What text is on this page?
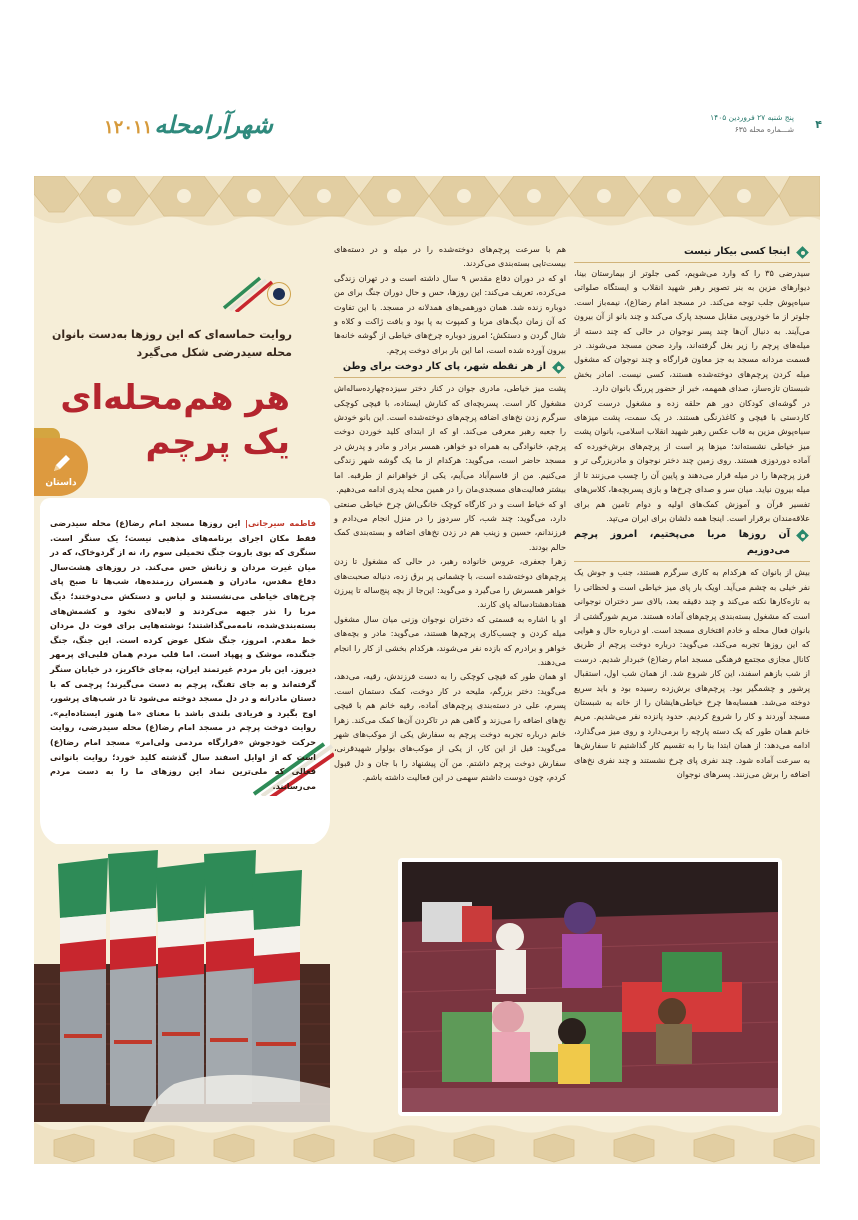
۴
پنج شنبه ۲۷ فروردین ۱۴۰۵
شـــماره محله ۶۳۵
شهرآرامحله۱۲۰۱۱
روایت حماسه‌ای که این روزها به‌دست بانوان محله سیدرضی شکل می‌گیرد
هر هم‌محله‌ای یک پرچم
داستان
فاطمه سیرجانی| این روزها مسجد امام رضا(ع) محله سیدرضی فقط مکان اجرای برنامه‌های مذهبی نیست؛ یک سنگر است. سنگری که بوی باروت جنگ تحمیلی سوم را، نه از گردوخاک، که در میان غیرت مردان و زنانش حس می‌کند. در روزهای هشت‌سال دفاع مقدس، مادران و همسران رزمنده‌ها، شب‌ها تا صبح پای چرخ‌های خیاطی می‌نشستند و لباس و دستکش می‌دوختند؛ دیگ مربا را نذر جبهه می‌کردند و لابه‌لای نخود و کشمش‌های بسته‌بندی‌شده، نامه‌می‌گذاشتند؛ نوشته‌هایی برای قوت دل مردان خط مقدم. امروز، جنگ شکل عوض کرده است. این جنگ، جنگ جنگنده، موشک و پهپاد است. اما قلب مردم همان قلبی‌ای پرمهر دیروز. این بار مردم غیرتمند ایران، به‌جای خاکریز، در خیابان سنگر گرفته‌اند و به جای تفنگ، پرچم به دست می‌گیرند؛ پرچمی که با دستان مادرانه و در دل مسجد دوخته می‌شود تا در شب‌های پرشور، اوج بگیرد و فریادی بلندی باشد با معنای «ما هنوز ایستاده‌ایم». روایت دوخت پرچم در مسجد امام رضا(ع) محله سیدرضی، روایت حرکت خودجوش «قرارگاه مردمی ولی‌امر» مسجد امام رضا(ع) است که از اوایل اسفند سال گذشته کلید خورد؛ روایت بانوانی فعالی که ملی‌ترین نماد این روزهای ما را به دست مردم می‌رسانند.

هم با سرعت پرچم‌های دوخته‌شده را در میله و در دسته‌های بیست‌تایی بسته‌بندی می‌کردند.

او که در دوران دفاع مقدس ۹ سال داشته است و در تهران زندگی می‌کرده، تعریف می‌کند: این روزها، حس و حال دوران جنگ برای من دوباره زنده شد. همان دورهمی‌های همدلانه در مسجد. با این تفاوت که آن زمان دیگ‌های مربا و کمپوت به پا بود و بافت ژاکت و کلاه و شال گردن و دستکش؛ امروز دوباره چرخ‌های خیاطی از گوشه خانه‌ها بیرون آورده شده است، اما این بار برای دوخت پرچم.

از هر نقطه شهر، پای کار دوخت برای وطن

پشت میز خیاطی، مادری جوان در کنار دختر سیزده‌چهارده‌ساله‌اش مشغول کار است. پسربچه‌ای که کنارش ایستاده، با قیچی کوچکی سرگرم زدن نخ‌های اضافه پرچم‌های دوخته‌شده است. این بانو خودش را جعبه رهبر معرفی می‌کند. او که از ابتدای کلید خوردن دوخت پرچم، خانوادگی به همراه دو خواهر، همسر برادر و مادر و پدرش در مسجد حاضر است، می‌گوید: هرکدام از ما یک گوشه شهر زندگی می‌کنیم. من از قاسم‌آباد می‌آیم، یکی از خواهرانم از طرقبه. اما بیشتر فعالیت‌های مسجدی‌مان را در همین محله پدری ادامه می‌دهیم.

او که خیاط است و در کارگاه کوچک خانگی‌اش چرخ خیاطی صنعتی دارد، می‌گوید: چند شب، کار سردوز را در منزل انجام می‌دادم و فرزندانم، حسین و زینب هم در زدن نخ‌های اضافه و بسته‌بندی کمک حالم بودند.

زهرا جعفری، عروس خانواده رهبر، در حالی که مشغول تا زدن پرچم‌های دوخته‌شده است، با چشمانی پر برق زده، دنباله صحبت‌های خواهر همسرش را می‌گیرد و می‌گوید: این‌جا از بچه پنج‌ساله تا پیرزن هفتاد‌هشتادساله پای کارند.

او با اشاره به قسمتی که دختران نوجوان وزنی میان سال مشغول میله کردن و چسب‌کاری پرچم‌ها هستند، می‌گوید: مادر و بچه‌های خواهر و برادرم که بازده نفر می‌شوند، هرکدام بخشی از کار را انجام می‌دهند.

او همان طور که قیچی کوچکی را به دست فرزندش، رقیه، می‌دهد، می‌گوید: دختر بزرگم، ملیحه در کار دوخت، کمک دستمان است. پسرم، علی در دسته‌بندی پرچم‌های آماده، رقیه خانم هم با قیچی نخ‌های اضافه را می‌زند و گاهی هم در تاکردن آن‌ها کمک می‌کند. زهرا خانم درباره تجربه دوخت پرچم به سفارش یکی از موکب‌های شهر می‌گوید: قبل از این کار، از یکی از موکب‌های بولوار شهیدقرنی، سفارش دوخت پرچم داشتم. من آن پیشنهاد را با جان و دل قبول کردم، چون دوست داشتم سهمی در این فعالیت داشته باشم.

اینجا کسی بیکار نیست

سیدرضی ۳۵ را که وارد می‌شویم، کمی جلوتر از بیمارستان بینا، دیوارهای مزین به بنر تصویر رهبر شهید انقلاب و ایستگاه صلواتی سیاه‌پوش جلب توجه می‌کند. در مسجد امام رضا(ع)، نیمه‌باز است. جلوتر از ما خودرویی مقابل مسجد پارک می‌کند و چند بانو از آن بیرون می‌آیند. به دنبال آن‌ها چند پسر نوجوان در حالی که چند دسته از میله‌های پرچم را زیر بغل گرفته‌اند، وارد صحن مسجد می‌شوند. در قسمت مردانه مسجد به جز معاون قرارگاه و چند نوجوان که مشغول میله کردن پرچم‌های دوخته‌شده هستند، کسی نیست. امادر بخش شبستان تازه‌ساز، صدای همهمه، خبر از حضور پررنگ بانوان دارد.

در گوشه‌ای کودکان دور هم حلقه زده و مشغول درست کردن کاردستی با قیچی و کاغذرنگی هستند. در یک سمت، پشت میزهای سیاه‌پوش مزین به قاب عکس رهبر شهید انقلاب اسلامی، بانوان پشت میز خیاطی نشسته‌اند؛ میزها پر است از پرچم‌های برش‌خورده که آماده دوردوزی هستند. روی زمین چند دختر نوجوان و مادربزرگی تر و فرز پرچم‌ها را در میله قرار می‌دهند و پایین آن را چسب می‌زنند تا از میله بیرون نیاید. میان سر و صدای چرخ‌ها و بازی پسربچه‌ها، کلاس‌های تفسیر قرآن و آموزش کمک‌های اولیه و دوام تامین هم برای علاقه‌مندان برقرار است. اینجا همه دلشان برای ایران می‌تپد.

آن روزها مربا می‌پختیم، امروز پرچم می‌دوزیم

بیش از بانوان که هرکدام به کاری سرگرم هستند، جنب و جوش یک نفر خیلی به چشم می‌آید. اویک بار پای میز خیاطی است و لحظاتی را به تازه‌کارها نکته می‌کند و چند دقیقه بعد، بالای سر دختران نوجوانی است که مشغول بسته‌بندی پرچم‌های آماده هستند. مریم شورگشتی از بانوان فعال محله و خادم افتخاری مسجد است. او درباره حال و هوایی که این روزها تجربه می‌کند، می‌گوید: درباره دوخت پرچم از طریق کانال مجازی مجتمع فرهنگی مسجد امام رضا(ع) خبردار شدیم. درست از شب بازهم اسفند، این کار شروع شد. از همان شب اول، استقبال پرشور و چشمگیر بود. پرچم‌های برش‌زده رسیده بود و باید سریع دوخته می‌شد. همسایه‌ها چرخ خیاطی‌هایشان را از خانه به شبستان مسجد آوردند و کار را شروع کردیم. حدود پانزده نفر می‌شدیم. مریم خانم همان طور که یک دسته پارچه را برمی‌دارد و روی میز می‌گذارد، ادامه می‌دهد: از همان ابتدا بنا را به تقسیم کار گذاشتیم تا سفارش‌ها به سرعت آماده شود. چند نفری پای چرخ نشستند و چند نفری نخ‌های اضافه را برش می‌زنند. پسرهای نوجوان
